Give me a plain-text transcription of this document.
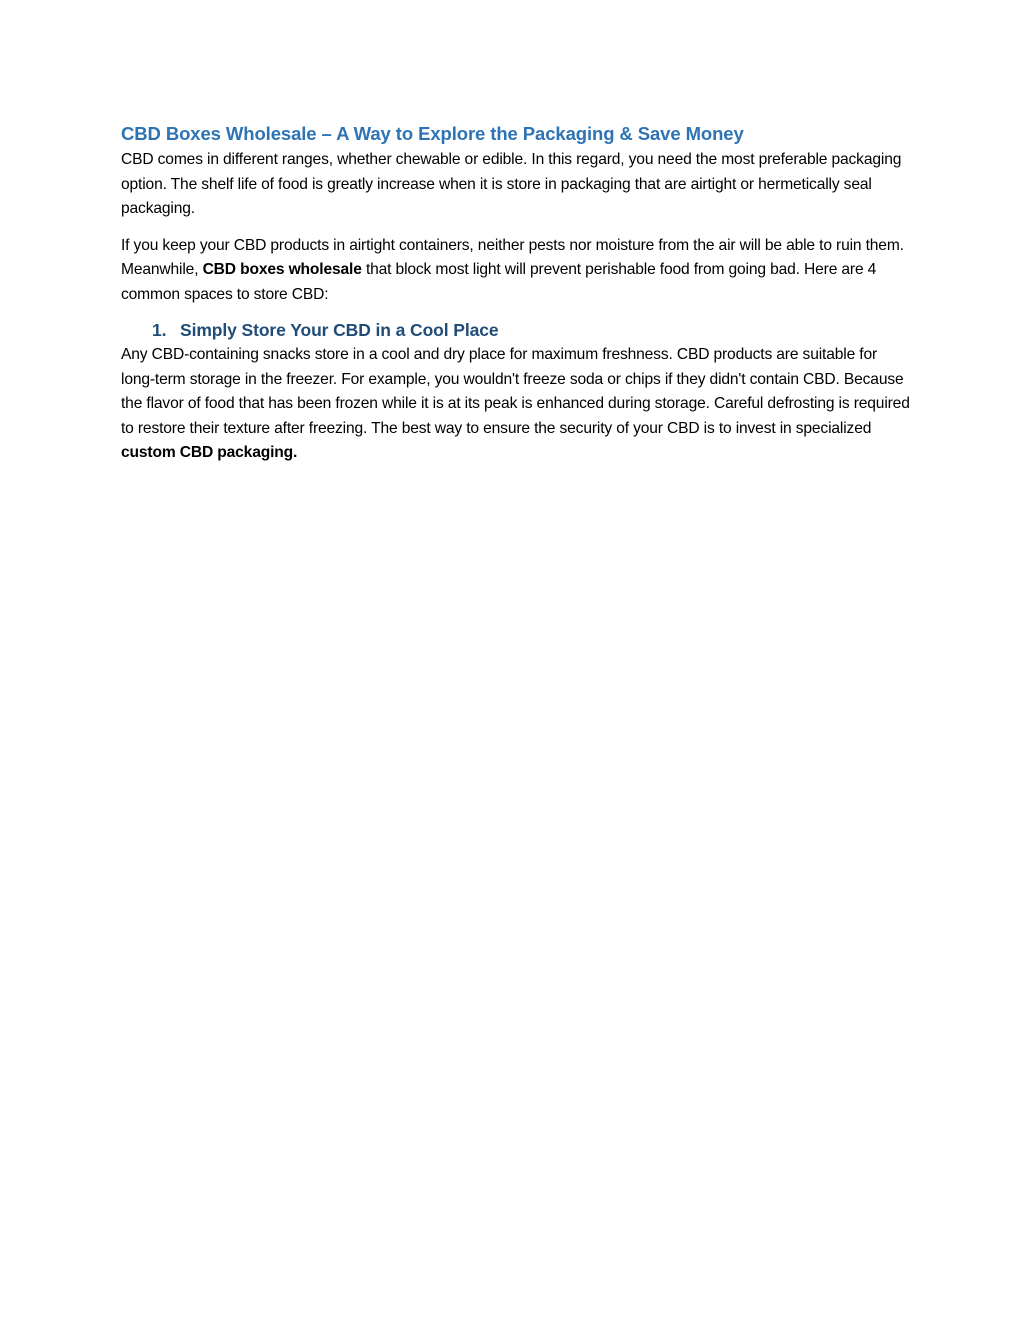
CBD Boxes Wholesale – A Way to Explore the Packaging & Save Money

CBD comes in different ranges, whether chewable or edible. In this regard, you need the most preferable packaging option. The shelf life of food is greatly increase when it is store in packaging that are airtight or hermetically seal packaging.

If you keep your CBD products in airtight containers, neither pests nor moisture from the air will be able to ruin them. Meanwhile, CBD boxes wholesale that block most light will prevent perishable food from going bad. Here are 4 common spaces to store CBD:

1. Simply Store Your CBD in a Cool Place

Any CBD-containing snacks store in a cool and dry place for maximum freshness. CBD products are suitable for long-term storage in the freezer. For example, you wouldn't freeze soda or chips if they didn't contain CBD. Because the flavor of food that has been frozen while it is at its peak is enhanced during storage. Careful defrosting is required to restore their texture after freezing. The best way to ensure the security of your CBD is to invest in specialized custom CBD packaging.
